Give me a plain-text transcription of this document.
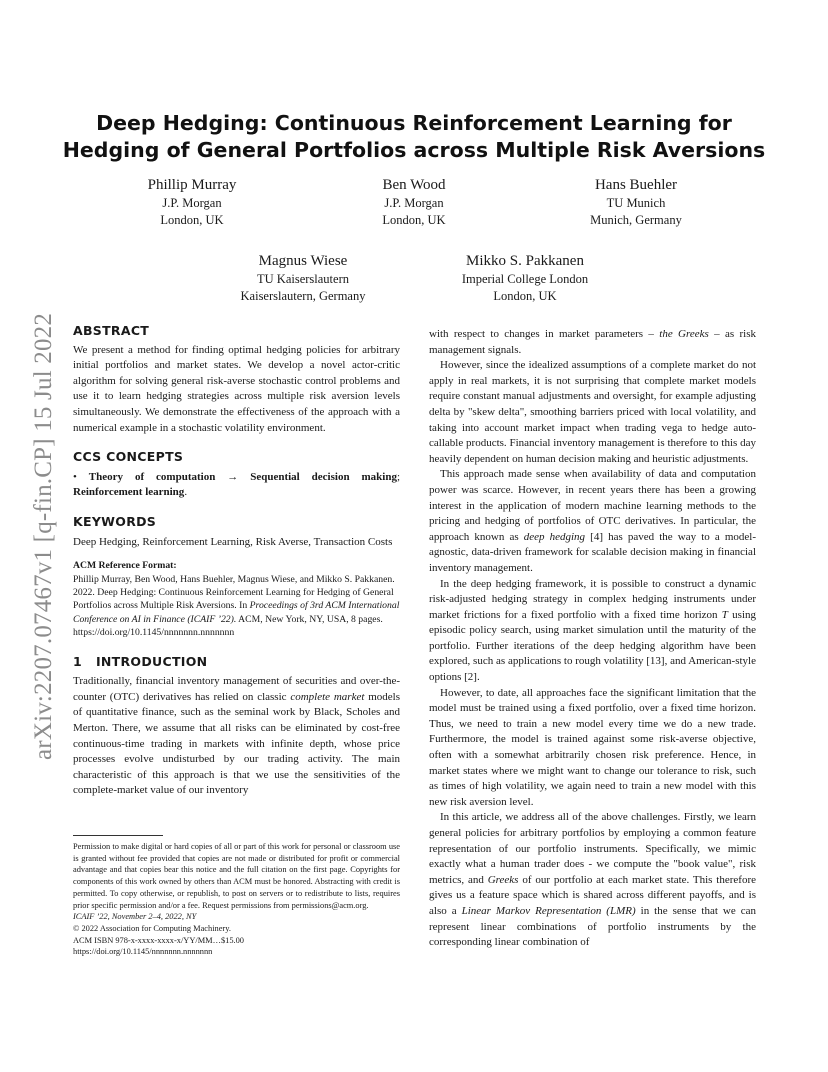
arXiv:2207.07467v1 [q-fin.CP] 15 Jul 2022
Deep Hedging: Continuous Reinforcement Learning for
Hedging of General Portfolios across Multiple Risk Aversions
Phillip Murray
J.P. Morgan
London, UK
Ben Wood
J.P. Morgan
London, UK
Hans Buehler
TU Munich
Munich, Germany
Magnus Wiese
TU Kaiserslautern
Kaiserslautern, Germany
Mikko S. Pakkanen
Imperial College London
London, UK
ABSTRACT

We present a method for finding optimal hedging policies for arbitrary initial portfolios and market states. We develop a novel actor-critic algorithm for solving general risk-averse stochastic control problems and use it to learn hedging strategies across multiple risk aversion levels simultaneously. We demonstrate the effectiveness of the approach with a numerical example in a stochastic volatility environment.

CCS CONCEPTS

• Theory of computation → Sequential decision making; Reinforcement learning.

KEYWORDS

Deep Hedging, Reinforcement Learning, Risk Averse, Transaction Costs

ACM Reference Format:

Phillip Murray, Ben Wood, Hans Buehler, Magnus Wiese, and Mikko S. Pakkanen. 2022. Deep Hedging: Continuous Reinforcement Learning for Hedging of General Portfolios across Multiple Risk Aversions. In Proceedings of 3rd ACM International Conference on AI in Finance (ICAIF ’22). ACM, New York, NY, USA, 8 pages. https://doi.org/10.1145/nnnnnnn.nnnnnnn

1 INTRODUCTION

Traditionally, financial inventory management of securities and over-the-counter (OTC) derivatives has relied on classic complete market models of quantitative finance, such as the seminal work by Black, Scholes and Merton. There, we assume that all risks can be eliminated by cost-free continuous-time trading in markets with infinite depth, whose price processes evolve undisturbed by our trading activity. The main characteristic of this approach is that we use the sensitivities of the complete-market value of our inventory

with respect to changes in market parameters – the Greeks – as risk management signals.

However, since the idealized assumptions of a complete market do not apply in real markets, it is not surprising that complete market models require constant manual adjustments and oversight, for example adjusting delta by "skew delta", smoothing barriers priced with local volatility, and taking into account market impact when trading vega to hedge auto-callable products. Financial inventory management is therefore to this day heavily dependent on human decision making and heuristic adjustments.

This approach made sense when availability of data and computation power was scarce. However, in recent years there has been a growing interest in the application of modern machine learning methods to the pricing and hedging of portfolios of OTC derivatives. In particular, the approach known as deep hedging [4] has paved the way to a model-agnostic, data-driven framework for scalable decision making in financial inventory management.

In the deep hedging framework, it is possible to construct a dynamic risk-adjusted hedging strategy in complex hedging instruments under market frictions for a fixed portfolio with a fixed time horizon T using episodic policy search, using market simulation until the maturity of the portfolio. Further iterations of the deep hedging algorithm have been explored, such as applications to rough volatility [13], and American-style options [2].

However, to date, all approaches face the significant limitation that the model must be trained using a fixed portfolio, over a fixed time horizon. Thus, we need to train a new model every time we do a new trade. Furthermore, the model is trained against some risk-averse objective, often with a somewhat arbitrarily chosen risk preference. Hence, in market states where we might want to change our tolerance to risk, such as times of high volatility, we again need to train a new model with this new risk aversion level.

In this article, we address all of the above challenges. Firstly, we learn general policies for arbitrary portfolios by employing a common feature representation of our portfolio instruments. Specifically, we mimic exactly what a human trader does - we compute the "book value", risk metrics, and Greeks of our portfolio at each market state. This therefore gives us a feature space which is shared across different payoffs, and is also a Linear Markov Representation (LMR) in the sense that we can represent linear combinations of portfolio instruments by the corresponding linear combination of

Permission to make digital or hard copies of all or part of this work for personal or classroom use is granted without fee provided that copies are not made or distributed for profit or commercial advantage and that copies bear this notice and the full citation on the first page. Copyrights for components of this work owned by others than ACM must be honored. Abstracting with credit is permitted. To copy otherwise, or republish, to post on servers or to redistribute to lists, requires prior specific permission and/or a fee. Request permissions from permissions@acm.org.
ICAIF ’22, November 2–4, 2022, NY
© 2022 Association for Computing Machinery.
ACM ISBN 978-x-xxxx-xxxx-x/YY/MM…$15.00
https://doi.org/10.1145/nnnnnnn.nnnnnnn
